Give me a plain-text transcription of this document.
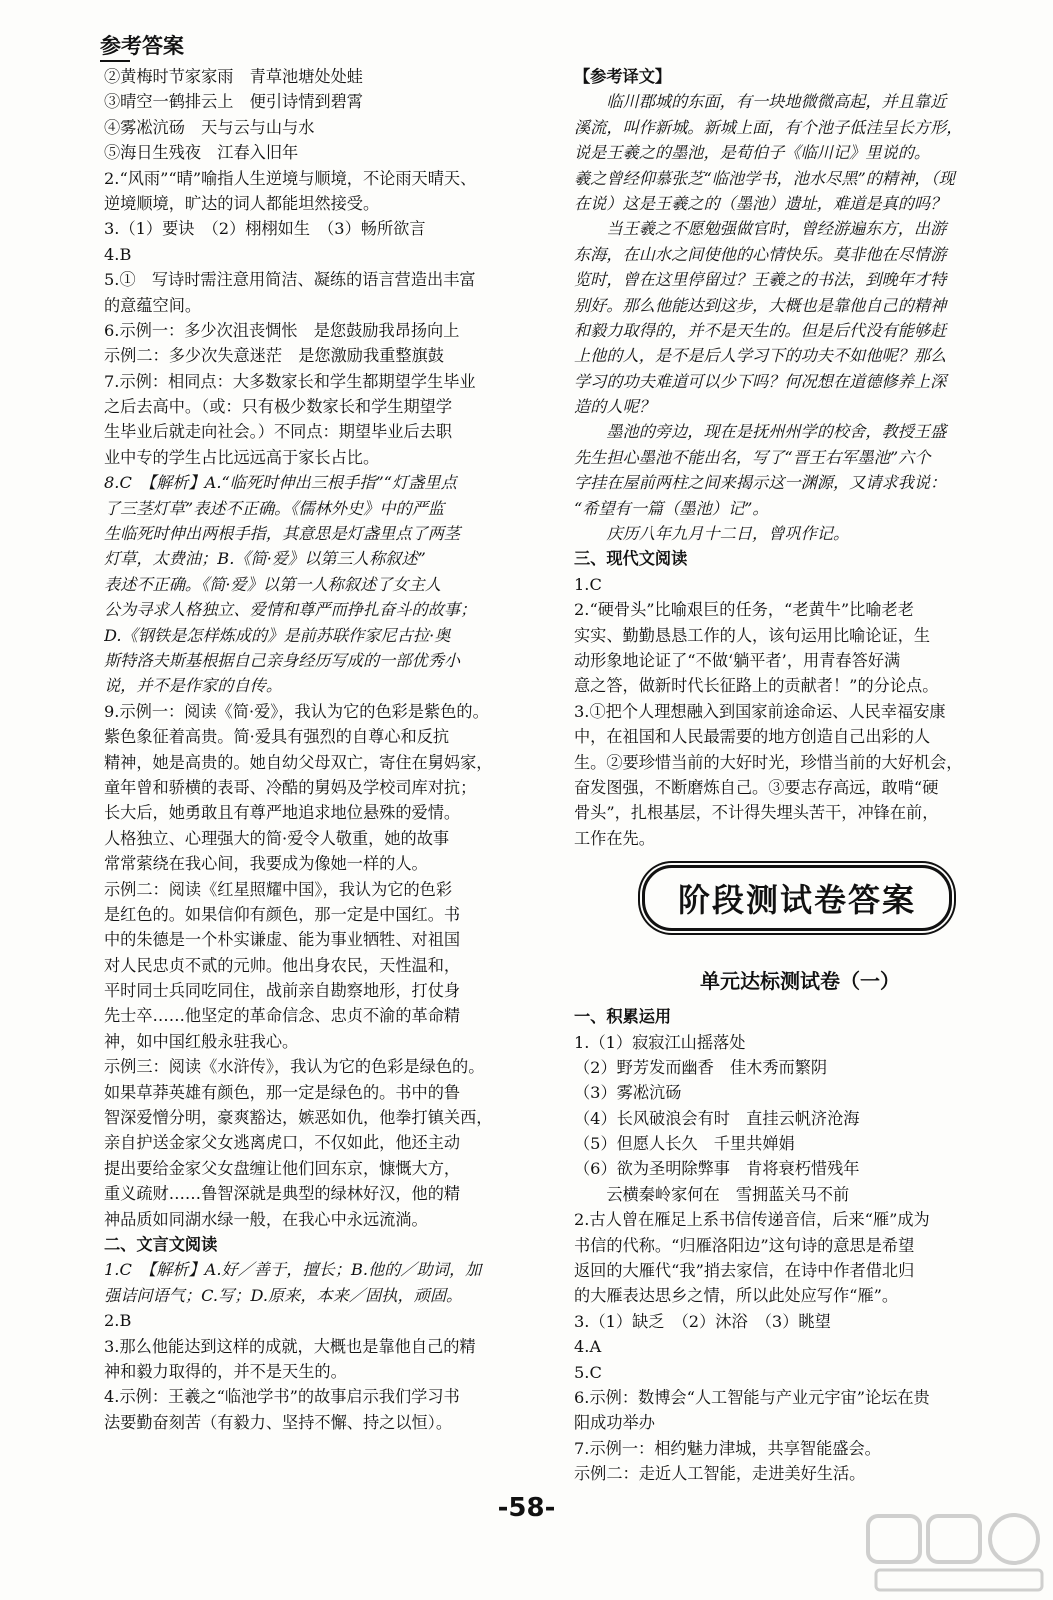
参考答案
②黄梅时节家家雨　青草池塘处处蛙
③晴空一鹤排云上　便引诗情到碧霄
④雾凇沆砀　天与云与山与水
⑤海日生残夜　江春入旧年
2.“风雨”“晴”喻指人生逆境与顺境，不论雨天晴天、
逆境顺境，旷达的词人都能坦然接受。
3.（1）要诀　（2）栩栩如生　（3）畅所欲言
4.B
5.①　写诗时需注意用简洁、凝练的语言营造出丰富
的意蕴空间。
6.示例一：多少次沮丧惆怅　是您鼓励我昂扬向上
示例二：多少次失意迷茫　是您激励我重整旗鼓
7.示例：相同点：大多数家长和学生都期望学生毕业
之后去高中。（或：只有极少数家长和学生期望学
生毕业后就走向社会。）不同点：期望毕业后去职
业中专的学生占比远远高于家长占比。
8.C　【解析】A.“临死时伸出三根手指”“灯盏里点
了三茎灯草”表述不正确。《儒林外史》中的严监
生临死时伸出两根手指，其意思是灯盏里点了两茎
灯草，太费油；B.《简·爱》以第三人称叙述”
表述不正确。《简·爱》以第一人称叙述了女主人
公为寻求人格独立、爱情和尊严而挣扎奋斗的故事；
D.《钢铁是怎样炼成的》是前苏联作家尼古拉·奥
斯特洛夫斯基根据自己亲身经历写成的一部优秀小
说，并不是作家的自传。
9.示例一：阅读《简·爱》，我认为它的色彩是紫色的。
紫色象征着高贵。简·爱具有强烈的自尊心和反抗
精神，她是高贵的。她自幼父母双亡，寄住在舅妈家，
童年曾和骄横的表哥、冷酷的舅妈及学校司库对抗；
长大后，她勇敢且有尊严地追求地位悬殊的爱情。
人格独立、心理强大的简·爱令人敬重，她的故事
常常萦绕在我心间，我要成为像她一样的人。
示例二：阅读《红星照耀中国》，我认为它的色彩
是红色的。如果信仰有颜色，那一定是中国红。书
中的朱德是一个朴实谦虚、能为事业牺牲、对祖国
对人民忠贞不贰的元帅。他出身农民，天性温和，
平时同士兵同吃同住，战前亲自勘察地形，打仗身
先士卒……他坚定的革命信念、忠贞不渝的革命精
神，如中国红般永驻我心。
示例三：阅读《水浒传》，我认为它的色彩是绿色的。
如果草莽英雄有颜色，那一定是绿色的。书中的鲁
智深爱憎分明，豪爽豁达，嫉恶如仇，他拳打镇关西，
亲自护送金家父女逃离虎口，不仅如此，他还主动
提出要给金家父女盘缠让他们回东京，慷慨大方，
重义疏财……鲁智深就是典型的绿林好汉，他的精
神品质如同湖水绿一般，在我心中永远流淌。
二、文言文阅读
1.C　【解析】A.好／善于，擅长；B.他的／助词，加
强诘问语气；C.写；D.原来，本来／固执，顽固。
2.B
3.那么他能达到这样的成就，大概也是靠他自己的精
神和毅力取得的，并不是天生的。
4.示例：王羲之“临池学书”的故事启示我们学习书
法要勤奋刻苦（有毅力、坚持不懈、持之以恒）。
【参考译文】
　　临川郡城的东面，有一块地微微高起，并且靠近
溪流，叫作新城。新城上面，有个池子低洼呈长方形，
说是王羲之的墨池，是荀伯子《临川记》里说的。
羲之曾经仰慕张芝“临池学书，池水尽黑”的精神，（现
在说）这是王羲之的（墨池）遗址，难道是真的吗？
　　当王羲之不愿勉强做官时，曾经游遍东方，出游
东海，在山水之间使他的心情快乐。莫非他在尽情游
览时，曾在这里停留过？王羲之的书法，到晚年才特
别好。那么他能达到这步，大概也是靠他自己的精神
和毅力取得的，并不是天生的。但是后代没有能够赶
上他的人，是不是后人学习下的功夫不如他呢？那么
学习的功夫难道可以少下吗？何况想在道德修养上深
造的人呢？
　　墨池的旁边，现在是抚州州学的校舍，教授王盛
先生担心墨池不能出名，写了“晋王右军墨池”六个
字挂在屋前两柱之间来揭示这一渊源，又请求我说：
“希望有一篇（墨池）记”。
　　庆历八年九月十二日，曾巩作记。
三、现代文阅读
1.C
2.“硬骨头”比喻艰巨的任务，“老黄牛”比喻老老
实实、勤勤恳恳工作的人，该句运用比喻论证，生
动形象地论证了“不做‘躺平者’，用青春答好满
意之答，做新时代长征路上的贡献者！”的分论点。
3.①把个人理想融入到国家前途命运、人民幸福安康
中，在祖国和人民最需要的地方创造自己出彩的人
生。②要珍惜当前的大好时光，珍惜当前的大好机会，
奋发图强，不断磨炼自己。③要志存高远，敢啃“硬
骨头”，扎根基层，不计得失埋头苦干，冲锋在前，
工作在先。
阶段测试卷答案
单元达标测试卷（一）
一、积累运用
1.（1）寂寂江山摇落处
（2）野芳发而幽香　佳木秀而繁阴
（3）雾凇沆砀
（4）长风破浪会有时　直挂云帆济沧海
（5）但愿人长久　千里共婵娟
（6）欲为圣明除弊事　肯将衰朽惜残年
　　云横秦岭家何在　雪拥蓝关马不前
2.古人曾在雁足上系书信传递音信，后来“雁”成为
书信的代称。“归雁洛阳边”这句诗的意思是希望
返回的大雁代“我”捎去家信，在诗中作者借北归
的大雁表达思乡之情，所以此处应写作“雁”。
3.（1）缺乏　（2）沐浴　（3）眺望
4.A
5.C
6.示例：数博会“人工智能与产业元宇宙”论坛在贵
阳成功举办
7.示例一：相约魅力津城，共享智能盛会。
示例二：走近人工智能，走进美好生活。
-58-
